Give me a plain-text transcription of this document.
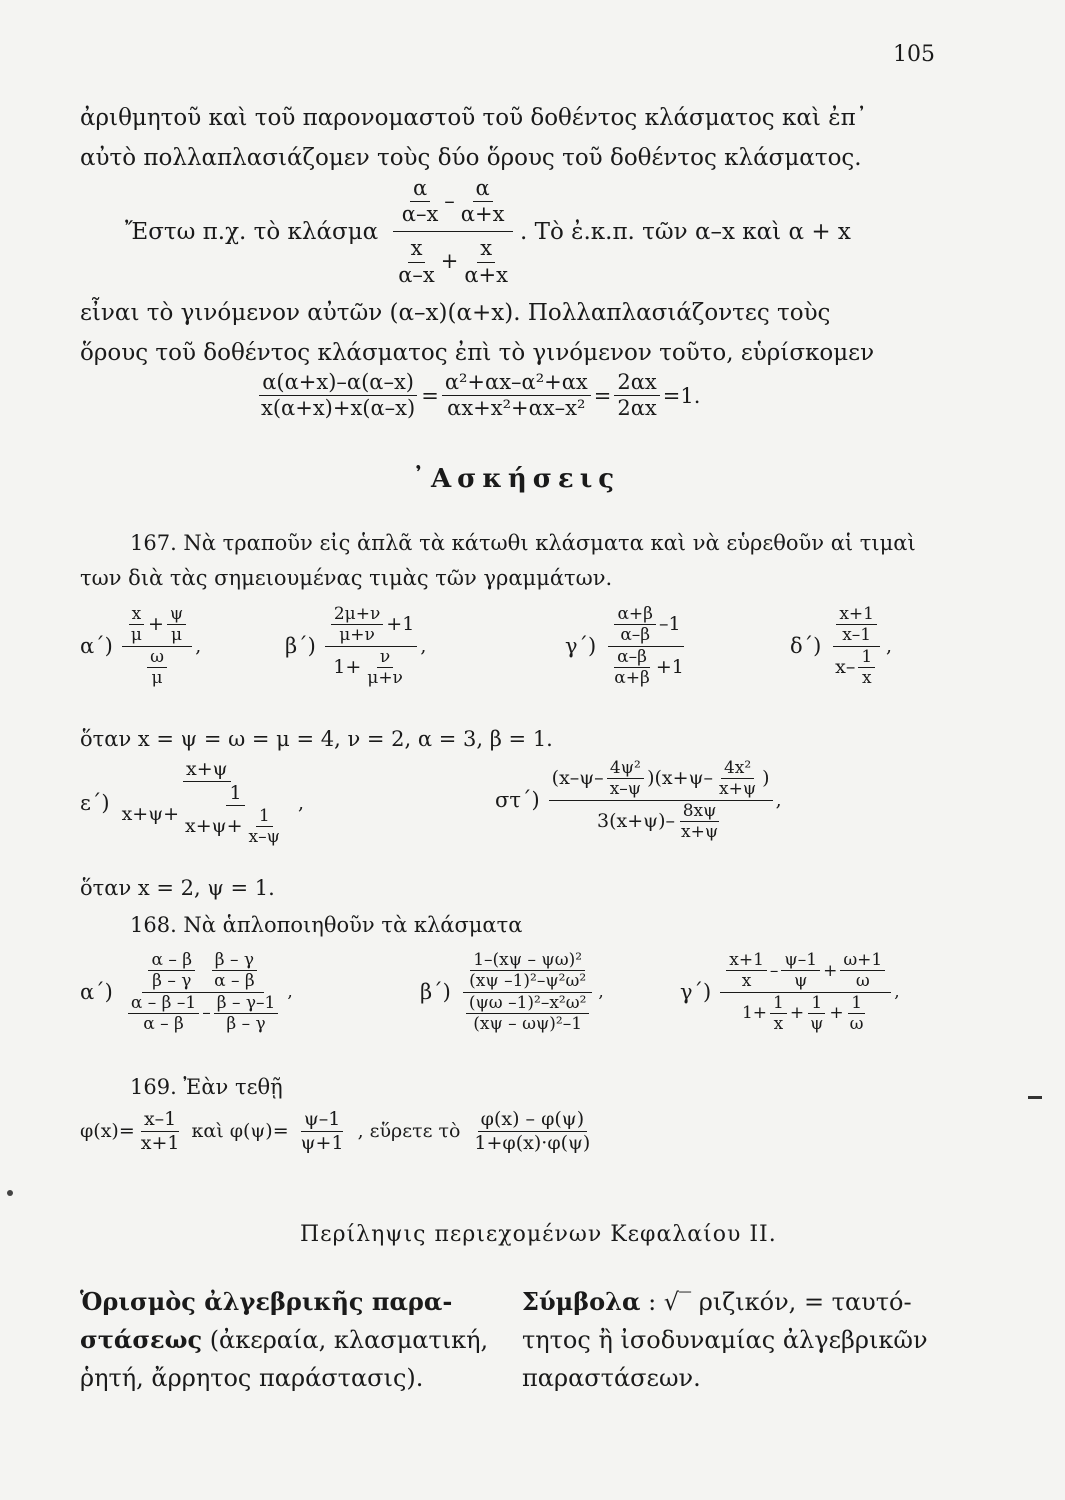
105
ἀριθμητοῦ καὶ τοῦ παρονομαστοῦ τοῦ δοθέντος κλάσματος καὶ ἐπ᾽
αὐτὸ πολλαπλασιάζομεν τοὺς δύο ὅρους τοῦ δοθέντος κλάσματος.
Ἔστω π.χ. τὸ κλάσμα $\frac{\frac{\alpha}{\alpha-x} - \frac{\alpha}{\alpha+x}}{\frac{x}{\alpha-x} + \frac{x}{\alpha+x}}$ . Τὸ ἐ.κ.π. τῶν α–x καὶ α + x
εἶναι τὸ γινόμενον αὐτῶν (α–x)(α+x). Πολλαπλασιάζοντες τοὺς
ὅρους τοῦ δοθέντος κλάσματος ἐπὶ τὸ γινόμενον τοῦτο, εὑρίσκομεν
$\frac{\alpha(\alpha+x)-\alpha(\alpha-x)}{x(\alpha+x)+x(\alpha-x)} = \frac{\text{α²+αx–α²+αx}}{\text{αx+x²+αx–x²}} = \frac{2\alpha x}{2\alpha x} =1$.
᾽Ασκήσεις
167. Νὰ τραποῦν εἰς ἁπλᾶ τὰ κάτωθι κλάσματα καὶ νὰ εὑρεθοῦν αἱ τιμαὶ
των διὰ τὰς σημειουμένας τιμὰς τῶν γραμμάτων.
$\alpha΄) \frac{\frac{x}{\mu} + \frac{\psi}{\mu}}{\frac{\omega}{\mu}}$ ,	$\beta΄) \frac{\frac{2\mu+\nu}{\mu+\nu} +1}{1+ \frac{\nu}{\mu+\nu}}$ ,	$\gamma΄) \frac{\frac{\alpha+\beta}{\alpha-\beta} -1}{\frac{\alpha-\beta}{\alpha+\beta} +1}$	$\delta΄) \frac{\frac{x+1}{x-1}}{x- \frac{1}{x}}$ ,
ὅταν x = ψ = ω = μ = 4, ν = 2, α = 3, β = 1.
$\varepsilon΄) \frac{x+\psi}{x+\psi+ \frac{1}{x+\psi+ \frac{1}{x-\psi}}}$ ,	$\sigma\tau΄) \frac{(x-\psi- \frac{\text{4ψ²}}{x-\psi} )(x+\psi- \frac{\text{4x²}}{x+\psi} )}{3(x+\psi)- \frac{8x\psi}{x+\psi}}$ ,
ὅταν x = 2, ψ = 1.
168. Νὰ ἁπλοποιηθοῦν τὰ κλάσματα
$\alpha΄) \frac{\frac{\alpha - \beta}{\beta - \gamma} \frac{\beta - \gamma}{\alpha - \beta}}{\frac{\alpha - \beta -1}{\alpha - \beta} - \frac{\beta - \gamma-1}{\beta - \gamma}}$ ,	$\beta΄) \frac{\frac{\text{1–(xψ – ψω)²}}{\text{(xψ –1)²–ψ²ω²}}}{\frac{\text{(ψω –1)²–x²ω²}}{\text{(xψ – ωψ)²–1}}}$ ,	$\gamma΄) \frac{\frac{x+1}{x} - \frac{\psi-1}{\psi} + \frac{\omega+1}{\omega}}{1+ \frac{1}{x} + \frac{1}{\psi} + \frac{1}{\omega}}$ ,
169. Ἐὰν τεθῇ
$\varphi(x)= \frac{x-1}{x+1}$ καὶ $\varphi(\psi)= \frac{\psi-1}{\psi+1}$ , εὕρετε τὸ $\frac{\varphi(x) - \varphi(\psi)}{1+\varphi(x)\cdot\varphi(\psi)}$
Περίληψις περιεχομένων Κεφαλαίου ΙΙ.
Ὁρισμὸς ἀλγεβρικῆς παρα-
στάσεως (ἀκεραία, κλασματική,
ῥητή, ἄρρητος παράστασις).
Σύμβολα : √‾ ριζικόν, = ταυτό-
τητος ἢ ἰσοδυναμίας ἀλγεβρικῶν
παραστάσεων.
